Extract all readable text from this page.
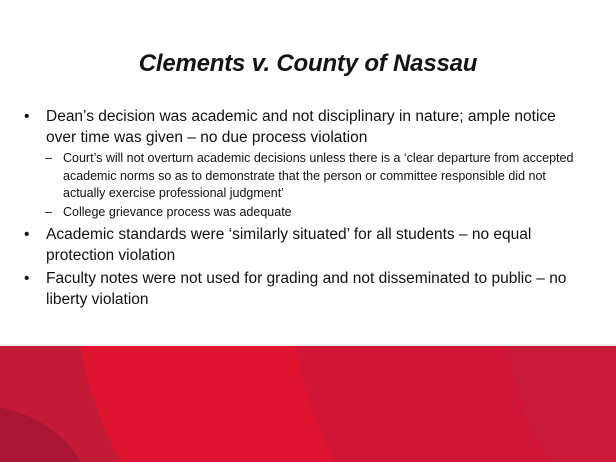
Clements v. County of Nassau
•	Dean’s decision was academic and not disciplinary in nature; ample notice over time was given – no due process violation
– Court’s will not overturn academic decisions unless there is a ‘clear departure from accepted academic norms so as to demonstrate that the person or committee responsible did not actually exercise professional judgment’
– College grievance process was adequate
•	Academic standards were ‘similarly situated’ for all students – no equal protection violation
•	Faculty notes were not used for grading and not disseminated to public – no liberty violation
